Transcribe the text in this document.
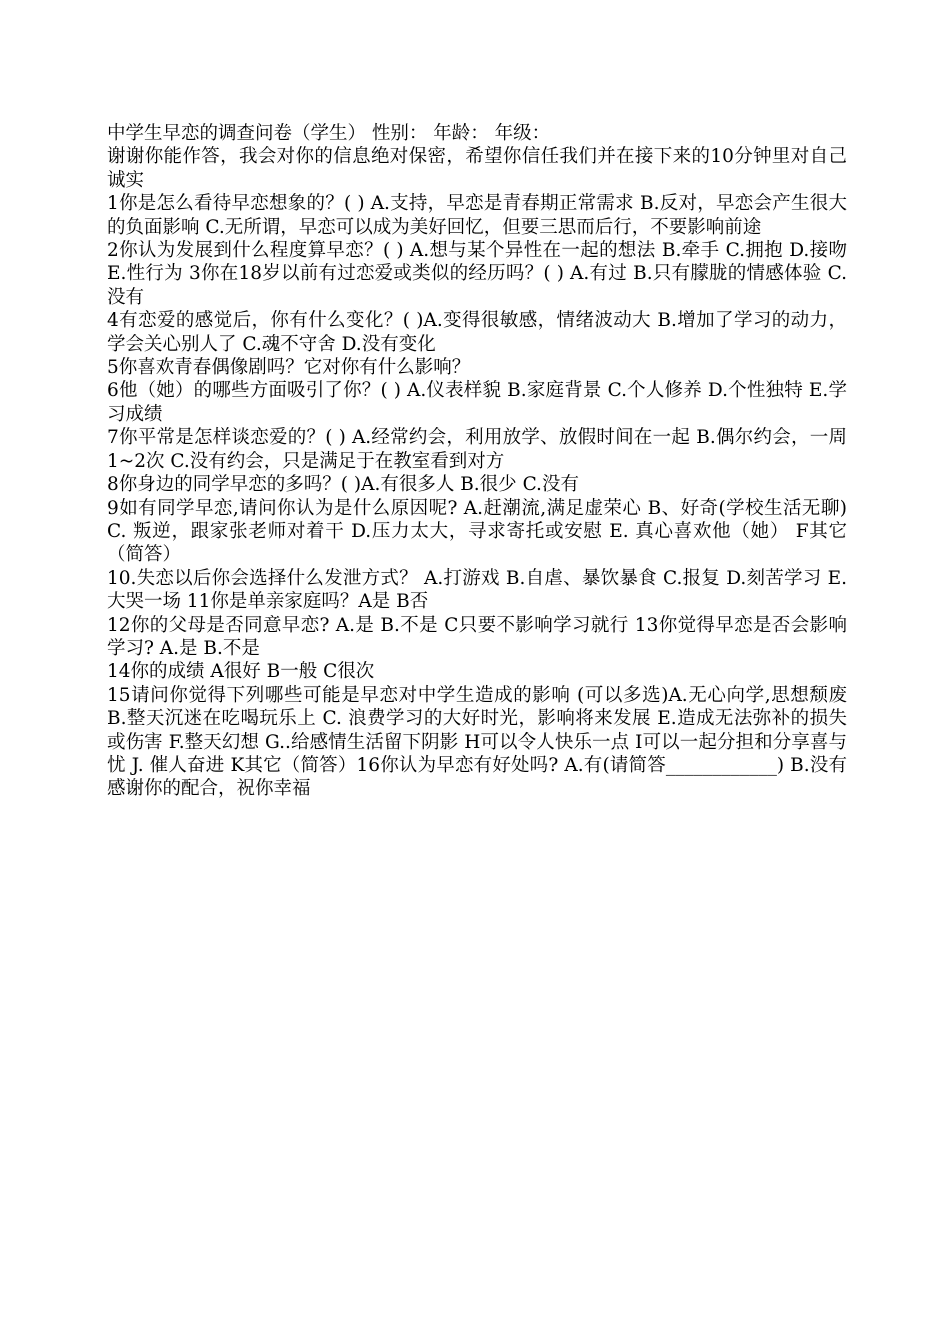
中学生早恋的调查问卷（学生） 性别： 年龄： 年级：

谢谢你能作答，我会对你的信息绝对保密，希望你信任我们并在接下来的10分钟里对自己诚实

1你是怎么看待早恋想象的？( ) A.支持，早恋是青春期正常需求 B.反对，早恋会产生很大的负面影响 C.无所谓，早恋可以成为美好回忆，但要三思而后行，不要影响前途

2你认为发展到什么程度算早恋？( ) A.想与某个异性在一起的想法 B.牵手 C.拥抱 D.接吻 E.性行为 3你在18岁以前有过恋爱或类似的经历吗？( ) A.有过 B.只有朦胧的情感体验 C.没有

4有恋爱的感觉后，你有什么变化？( )A.变得很敏感，情绪波动大 B.增加了学习的动力，学会关心别人了 C.魂不守舍 D.没有变化

5你喜欢青春偶像剧吗？它对你有什么影响？

6他（她）的哪些方面吸引了你？( ) A.仪表样貌 B.家庭背景 C.个人修养 D.个性独特 E.学习成绩

7你平常是怎样谈恋爱的？( ) A.经常约会，利用放学、放假时间在一起 B.偶尔约会，一周1~2次 C.没有约会，只是满足于在教室看到对方

8你身边的同学早恋的多吗？( )A.有很多人 B.很少 C.没有

9如有同学早恋,请问你认为是什么原因呢? A.赶潮流,满足虚荣心 B、好奇(学校生活无聊) C. 叛逆，跟家张老师对着干 D.压力太大，寻求寄托或安慰 E. 真心喜欢他（她） F其它（简答）

10.失恋以后你会选择什么发泄方式？ A.打游戏 B.自虐、暴饮暴食 C.报复 D.刻苦学习 E.大哭一场 11你是单亲家庭吗？A是 B否

12你的父母是否同意早恋? A.是 B.不是 C只要不影响学习就行 13你觉得早恋是否会影响学习? A.是 B.不是

14你的成绩 A很好 B一般 C很次

15请问你觉得下列哪些可能是早恋对中学生造成的影响 (可以多选)A.无心向学,思想颓废 B.整天沉迷在吃喝玩乐上 C. 浪费学习的大好时光，影响将来发展 E.造成无法弥补的损失或伤害 F.整天幻想 G..给感情生活留下阴影 H可以令人快乐一点 I可以一起分担和分享喜与忧 J. 催人奋进 K其它（简答）16你认为早恋有好处吗? A.有(请简答____________) B.没有 感谢你的配合，祝你幸福
